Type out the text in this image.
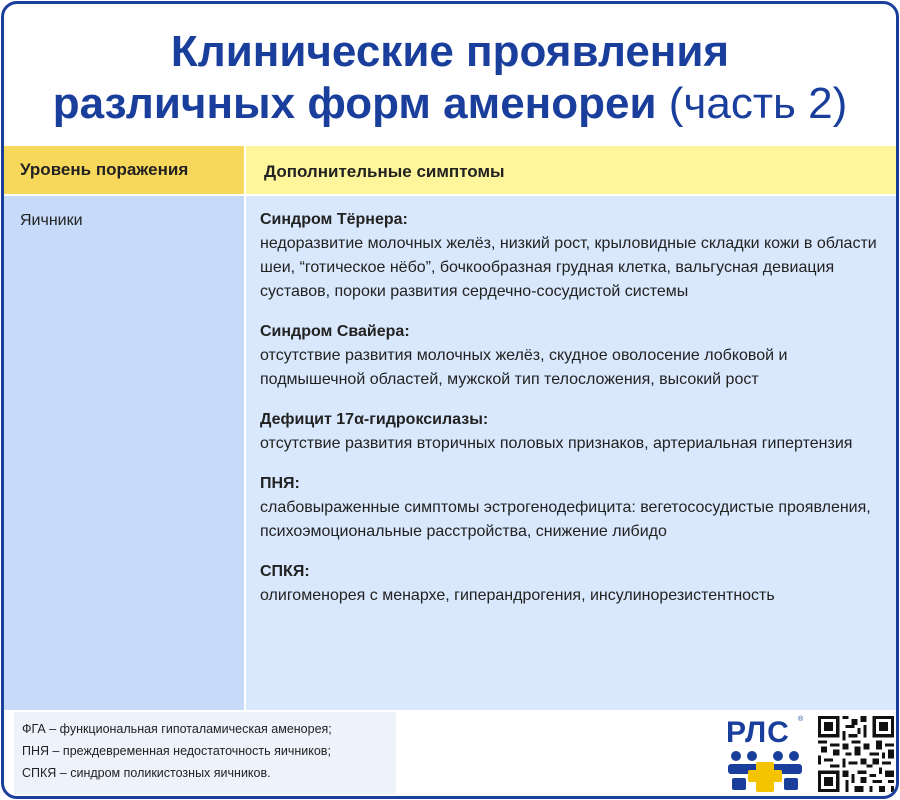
Клинические проявления
различных форм аменореи (часть 2)
Уровень поражения	Дополнительные симптомы
Яичники	Синдром Тёрнера:
недоразвитие молочных желёз, низкий рост, крыловидные складки кожи в области шеи, “готическое нёбо”, бочкообразная грудная клетка, вальгусная девиация суставов, пороки развития сердечно-сосудистой системы
Синдром Свайера:
отсутствие развития молочных желёз, скудное оволосение лобковой и подмышечной областей, мужской тип телосложения, высокий рост
Дефицит 17α-гидроксилазы:
отсутствие развития вторичных половых признаков, артериальная гипертензия
ПНЯ:
слабовыраженные симптомы эстрогенодефицита: вегетососудистые проявления, психоэмоциональные расстройства, снижение либидо
СПКЯ:
олигоменорея с менархе, гиперандрогения, инсулинорезистентность
ФГА – функциональная гипоталамическая аменорея;
ПНЯ – преждевременная недостаточность яичников;
СПКЯ – синдром поликистозных яичников.
РЛС ®
